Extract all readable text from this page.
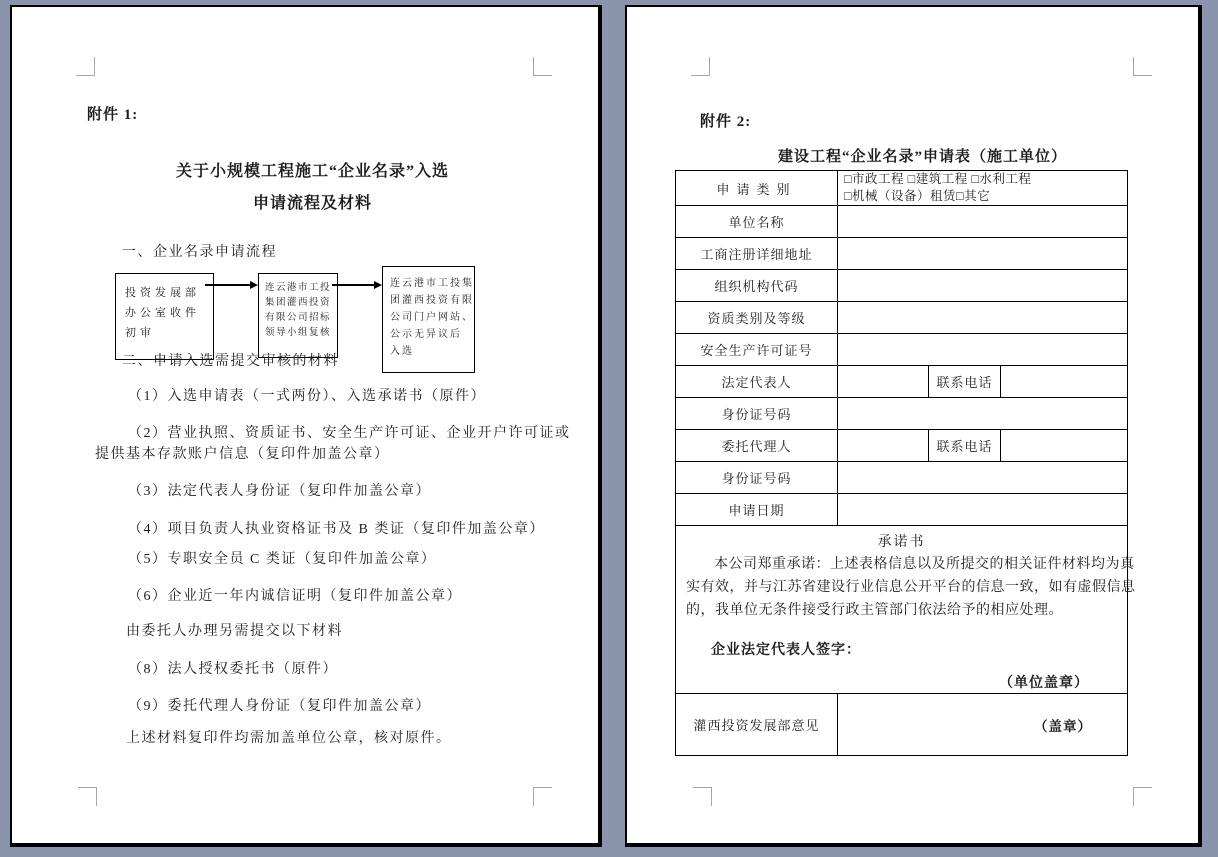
附件 1:
关于小规模工程施工“企业名录”入选
申请流程及材料
一、企业名录申请流程
投资发展部
办公室收件
初审
连云港市工投
集团灌西投资
有限公司招标
领导小组复核
连云港市工投集
团灌西投资有限
公司门户网站、
公示无异议后
入选
二、申请入选需提交审核的材料
（1）入选申请表（一式两份）、入选承诺书（原件）
（2）营业执照、资质证书、安全生产许可证、企业开户许可证或
提供基本存款账户信息（复印件加盖公章）
（3）法定代表人身份证（复印件加盖公章）
（4）项目负责人执业资格证书及 B 类证（复印件加盖公章）
（5）专职安全员 C 类证（复印件加盖公章）
（6）企业近一年内诚信证明（复印件加盖公章）
由委托人办理另需提交以下材料
（8）法人授权委托书（原件）
（9）委托代理人身份证（复印件加盖公章）
上述材料复印件均需加盖单位公章，核对原件。
附件 2:
建设工程“企业名录”申请表（施工单位）
申请类别	□市政工程 □建筑工程 □水利工程
□机械（设备）租赁□其它		

单位名称			
工商注册详细地址			
组织机构代码			
资质类别及等级			
安全生产许可证号			
法定代表人		联系电话	
身份证号码			
委托代理人		联系电话	
身份证号码			
申请日期			

承诺书
本公司郑重承诺：上述表格信息以及所提交的相关证件材料均为真
实有效，并与江苏省建设行业信息公开平台的信息一致，如有虚假信息
的，我单位无条件接受行政主管部门依法给予的相应处理。
企业法定代表人签字：
（单位盖章）

灌西投资发展部意见	（盖章）		
